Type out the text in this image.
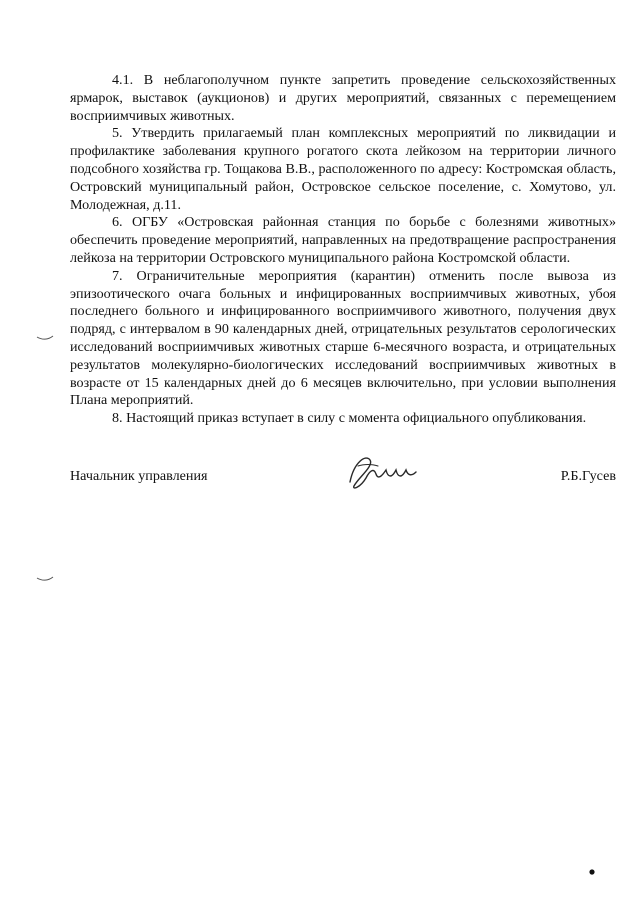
4.1. В неблагополучном пункте запретить проведение сельскохозяйственных ярмарок, выставок (аукционов) и других мероприятий, связанных с перемещением восприимчивых животных.

5. Утвердить прилагаемый план комплексных мероприятий по ликвидации и профилактике заболевания крупного рогатого скота лейкозом на территории личного подсобного хозяйства гр. Тощакова В.В., расположенного по адресу: Костромская область, Островский муниципальный район, Островское сельское поселение, с. Хомутово, ул. Молодежная, д.11.

6. ОГБУ «Островская районная станция по борьбе с болезнями животных» обеспечить проведение мероприятий, направленных на предотвращение распространения лейкоза на территории Островского муниципального района Костромской области.

7. Ограничительные мероприятия (карантин) отменить после вывоза из эпизоотического очага больных и инфицированных восприимчивых животных, убоя последнего больного и инфицированного восприимчивого животного, получения двух подряд, с интервалом в 90 календарных дней, отрицательных результатов серологических исследований восприимчивых животных старше 6-месячного возраста, и отрицательных результатов молекулярно-биологических исследований восприимчивых животных в возрасте от 15 календарных дней до 6 месяцев включительно, при условии выполнения Плана мероприятий.

8. Настоящий приказ вступает в силу с момента официального опубликования.

Начальник управления	Р.Б.Гусев
